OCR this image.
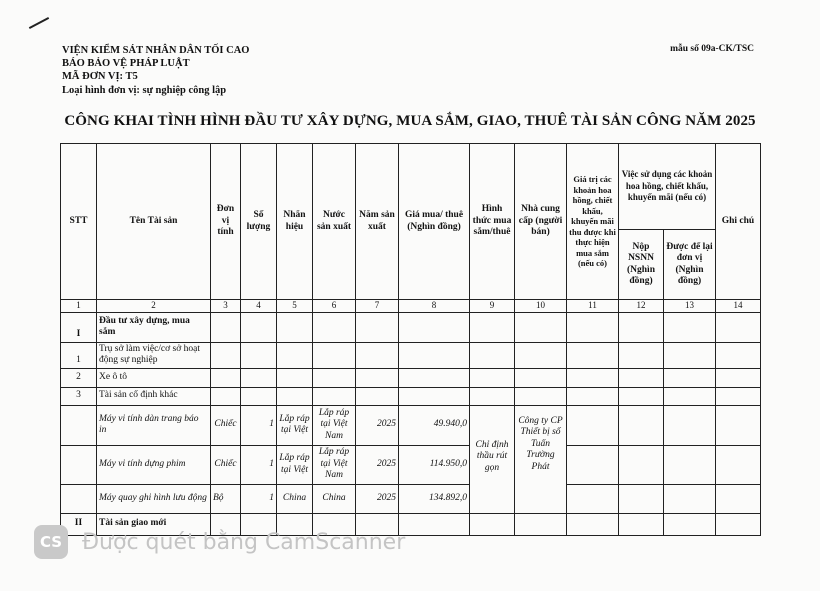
VIỆN KIỂM SÁT NHÂN DÂN TỐI CAO
BÁO BẢO VỆ PHÁP LUẬT
MÃ ĐƠN VỊ: T5
Loại hình đơn vị: sự nghiệp công lập
mẫu số 09a-CK/TSC
CÔNG KHAI TÌNH HÌNH ĐẦU TƯ XÂY DỰNG, MUA SẮM, GIAO, THUÊ TÀI SẢN CÔNG NĂM 2025
STT	Tên Tài sản	Đơn vị tính	Số lượng	Nhãn hiệu	Nước sản xuất	Năm sản xuất	Giá mua/ thuê (Nghìn đồng)	Hình thức mua sắm/thuê	Nhà cung cấp (người bán)	Giá trị các khoản hoa hồng, chiết khấu, khuyến mãi thu được khi thực hiện mua sắm (nếu có)	Việc sử dụng các khoản hoa hồng, chiết khấu, khuyến mãi (nếu có)		Ghi chú
											Nộp NSNN (Nghìn đồng)	Được để lại đơn vị (Nghìn đồng)	
1	2	3	4	5	6	7	8	9	10	11	12	13	14
I	Đầu tư xây dựng, mua sắm												
1	Trụ sở làm việc/cơ sở hoạt động sự nghiệp												
2	Xe ô tô												
3	Tài sản cố định khác												
	Máy vi tính dàn trang báo in	Chiếc	1	Lắp ráp tại Việt	Lắp ráp tại Việt Nam	2025	49.940,0	Chỉ định thầu rút gọn	Công ty CP Thiết bị số Tuấn Trường Phát				
	Máy vi tính dựng phim	Chiếc	1	Lắp ráp tại Việt	Lắp ráp tại Việt Nam	2025	114.950,0						
	Máy quay ghi hình lưu động	Bộ	1	China	China	2025	134.892,0						
II	Tài sản giao mới												
CS Được quét bằng CamScanner
